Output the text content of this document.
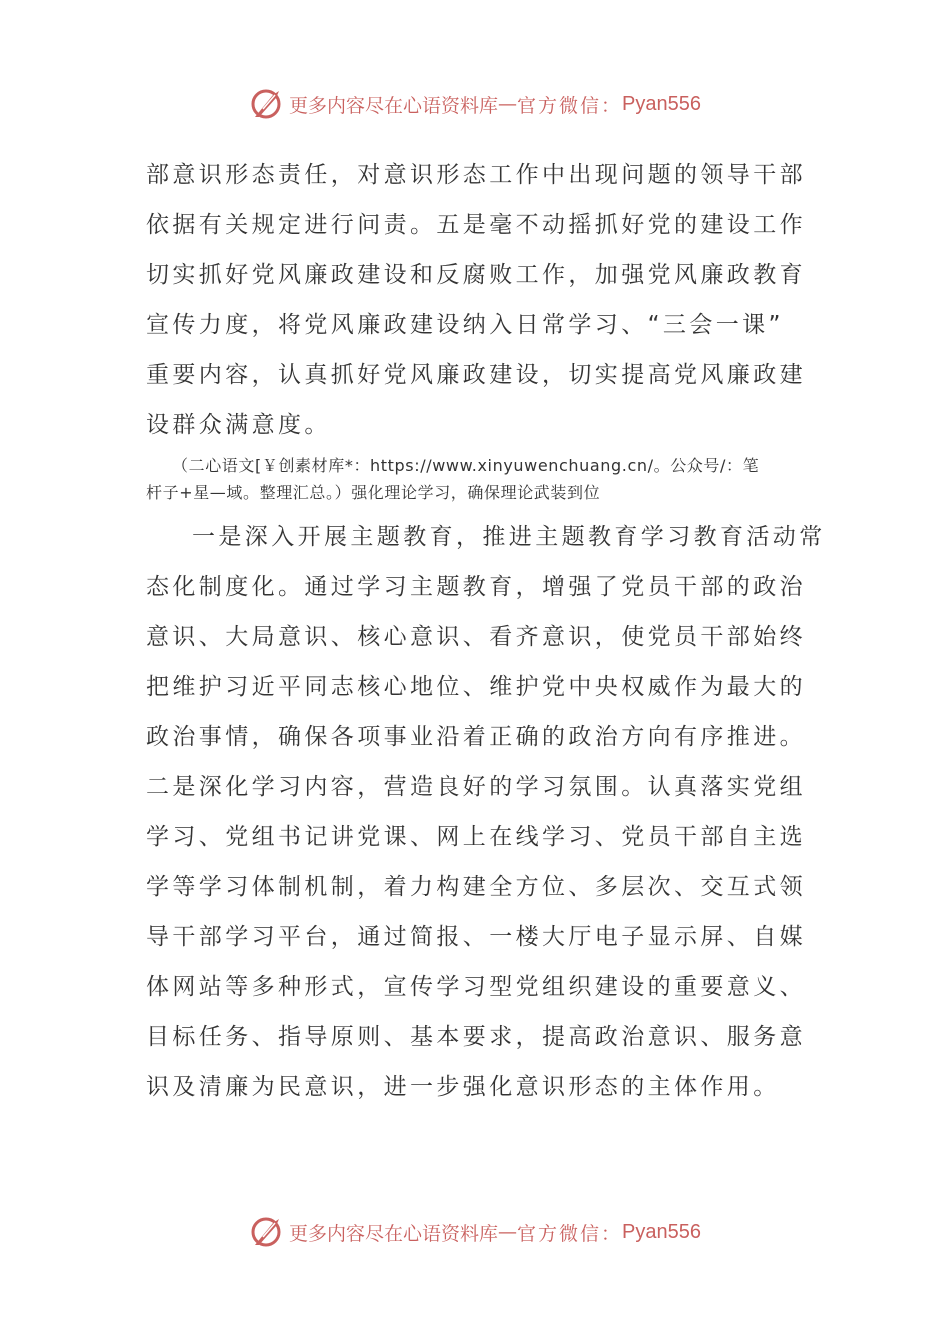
更多内容尽在心语资料库 — 官方微信： Pyan556
部意识形态责任，对意识形态工作中出现问题的领导干部
依据有关规定进行问责。五是毫不动摇抓好党的建设工作
切实抓好党风廉政建设和反腐败工作，加强党风廉政教育
宣传力度，将党风廉政建设纳入日常学习、“三会一课”
重要内容，认真抓好党风廉政建设，切实提高党风廉政建
设群众满意度。
（二心语文[￥创素材库*：https://www.xinyuwenchuang.cn/。公众号/：笔
杆子+星—域。整理汇总。）强化理论学习，确保理论武装到位
一是深入开展主题教育，推进主题教育学习教育活动常
态化制度化。通过学习主题教育，增强了党员干部的政治
意识、大局意识、核心意识、看齐意识，使党员干部始终
把维护习近平同志核心地位、维护党中央权威作为最大的
政治事情，确保各项事业沿着正确的政治方向有序推进。
二是深化学习内容，营造良好的学习氛围。认真落实党组
学习、党组书记讲党课、网上在线学习、党员干部自主选
学等学习体制机制，着力构建全方位、多层次、交互式领
导干部学习平台，通过简报、一楼大厅电子显示屏、自媒
体网站等多种形式，宣传学习型党组织建设的重要意义、
目标任务、指导原则、基本要求，提高政治意识、服务意
识及清廉为民意识，进一步强化意识形态的主体作用。
更多内容尽在心语资料库 — 官方微信： Pyan556
